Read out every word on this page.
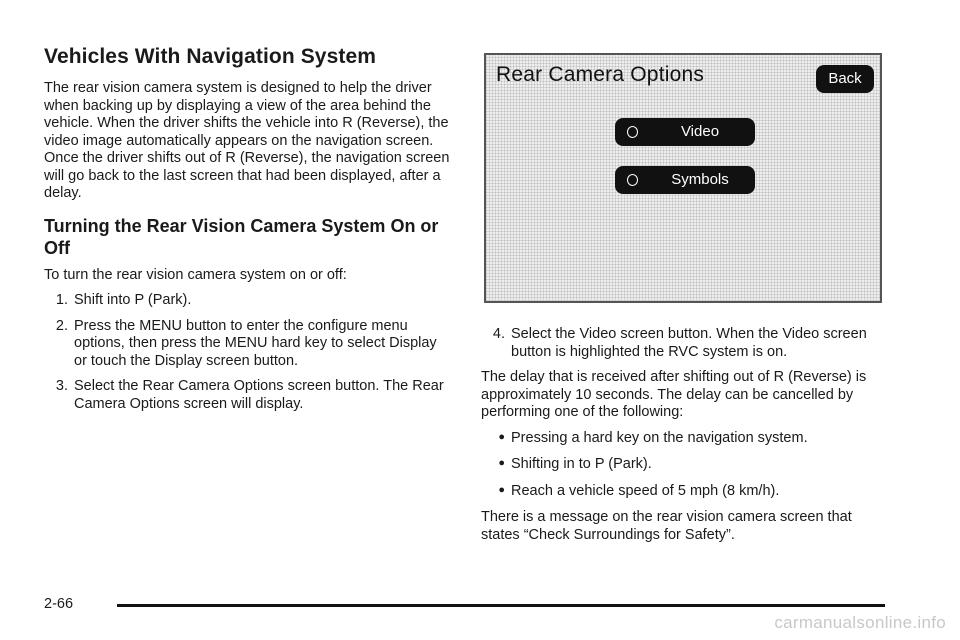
Vehicles With Navigation System

The rear vision camera system is designed to help the driver when backing up by displaying a view of the area behind the vehicle. When the driver shifts the vehicle into R (Reverse), the video image automatically appears on the navigation screen. Once the driver shifts out of R (Reverse), the navigation screen will go back to the last screen that had been displayed, after a delay.

Turning the Rear Vision Camera System On or Off

To turn the rear vision camera system on or off:

1. Shift into P (Park).
2. Press the MENU button to enter the configure menu options, then press the MENU hard key to select Display or touch the Display screen button.
3. Select the Rear Camera Options screen button. The Rear Camera Options screen will display.
Rear Camera Options	Back
Video
Symbols
4. Select the Video screen button. When the Video screen button is highlighted the RVC system is on.

The delay that is received after shifting out of R (Reverse) is approximately 10 seconds. The delay can be cancelled by performing one of the following:

● Pressing a hard key on the navigation system.
● Shifting in to P (Park).
● Reach a vehicle speed of 5 mph (8 km/h).

There is a message on the rear vision camera screen that states “Check Surroundings for Safety”.

2-66
carmanualsonline.info
